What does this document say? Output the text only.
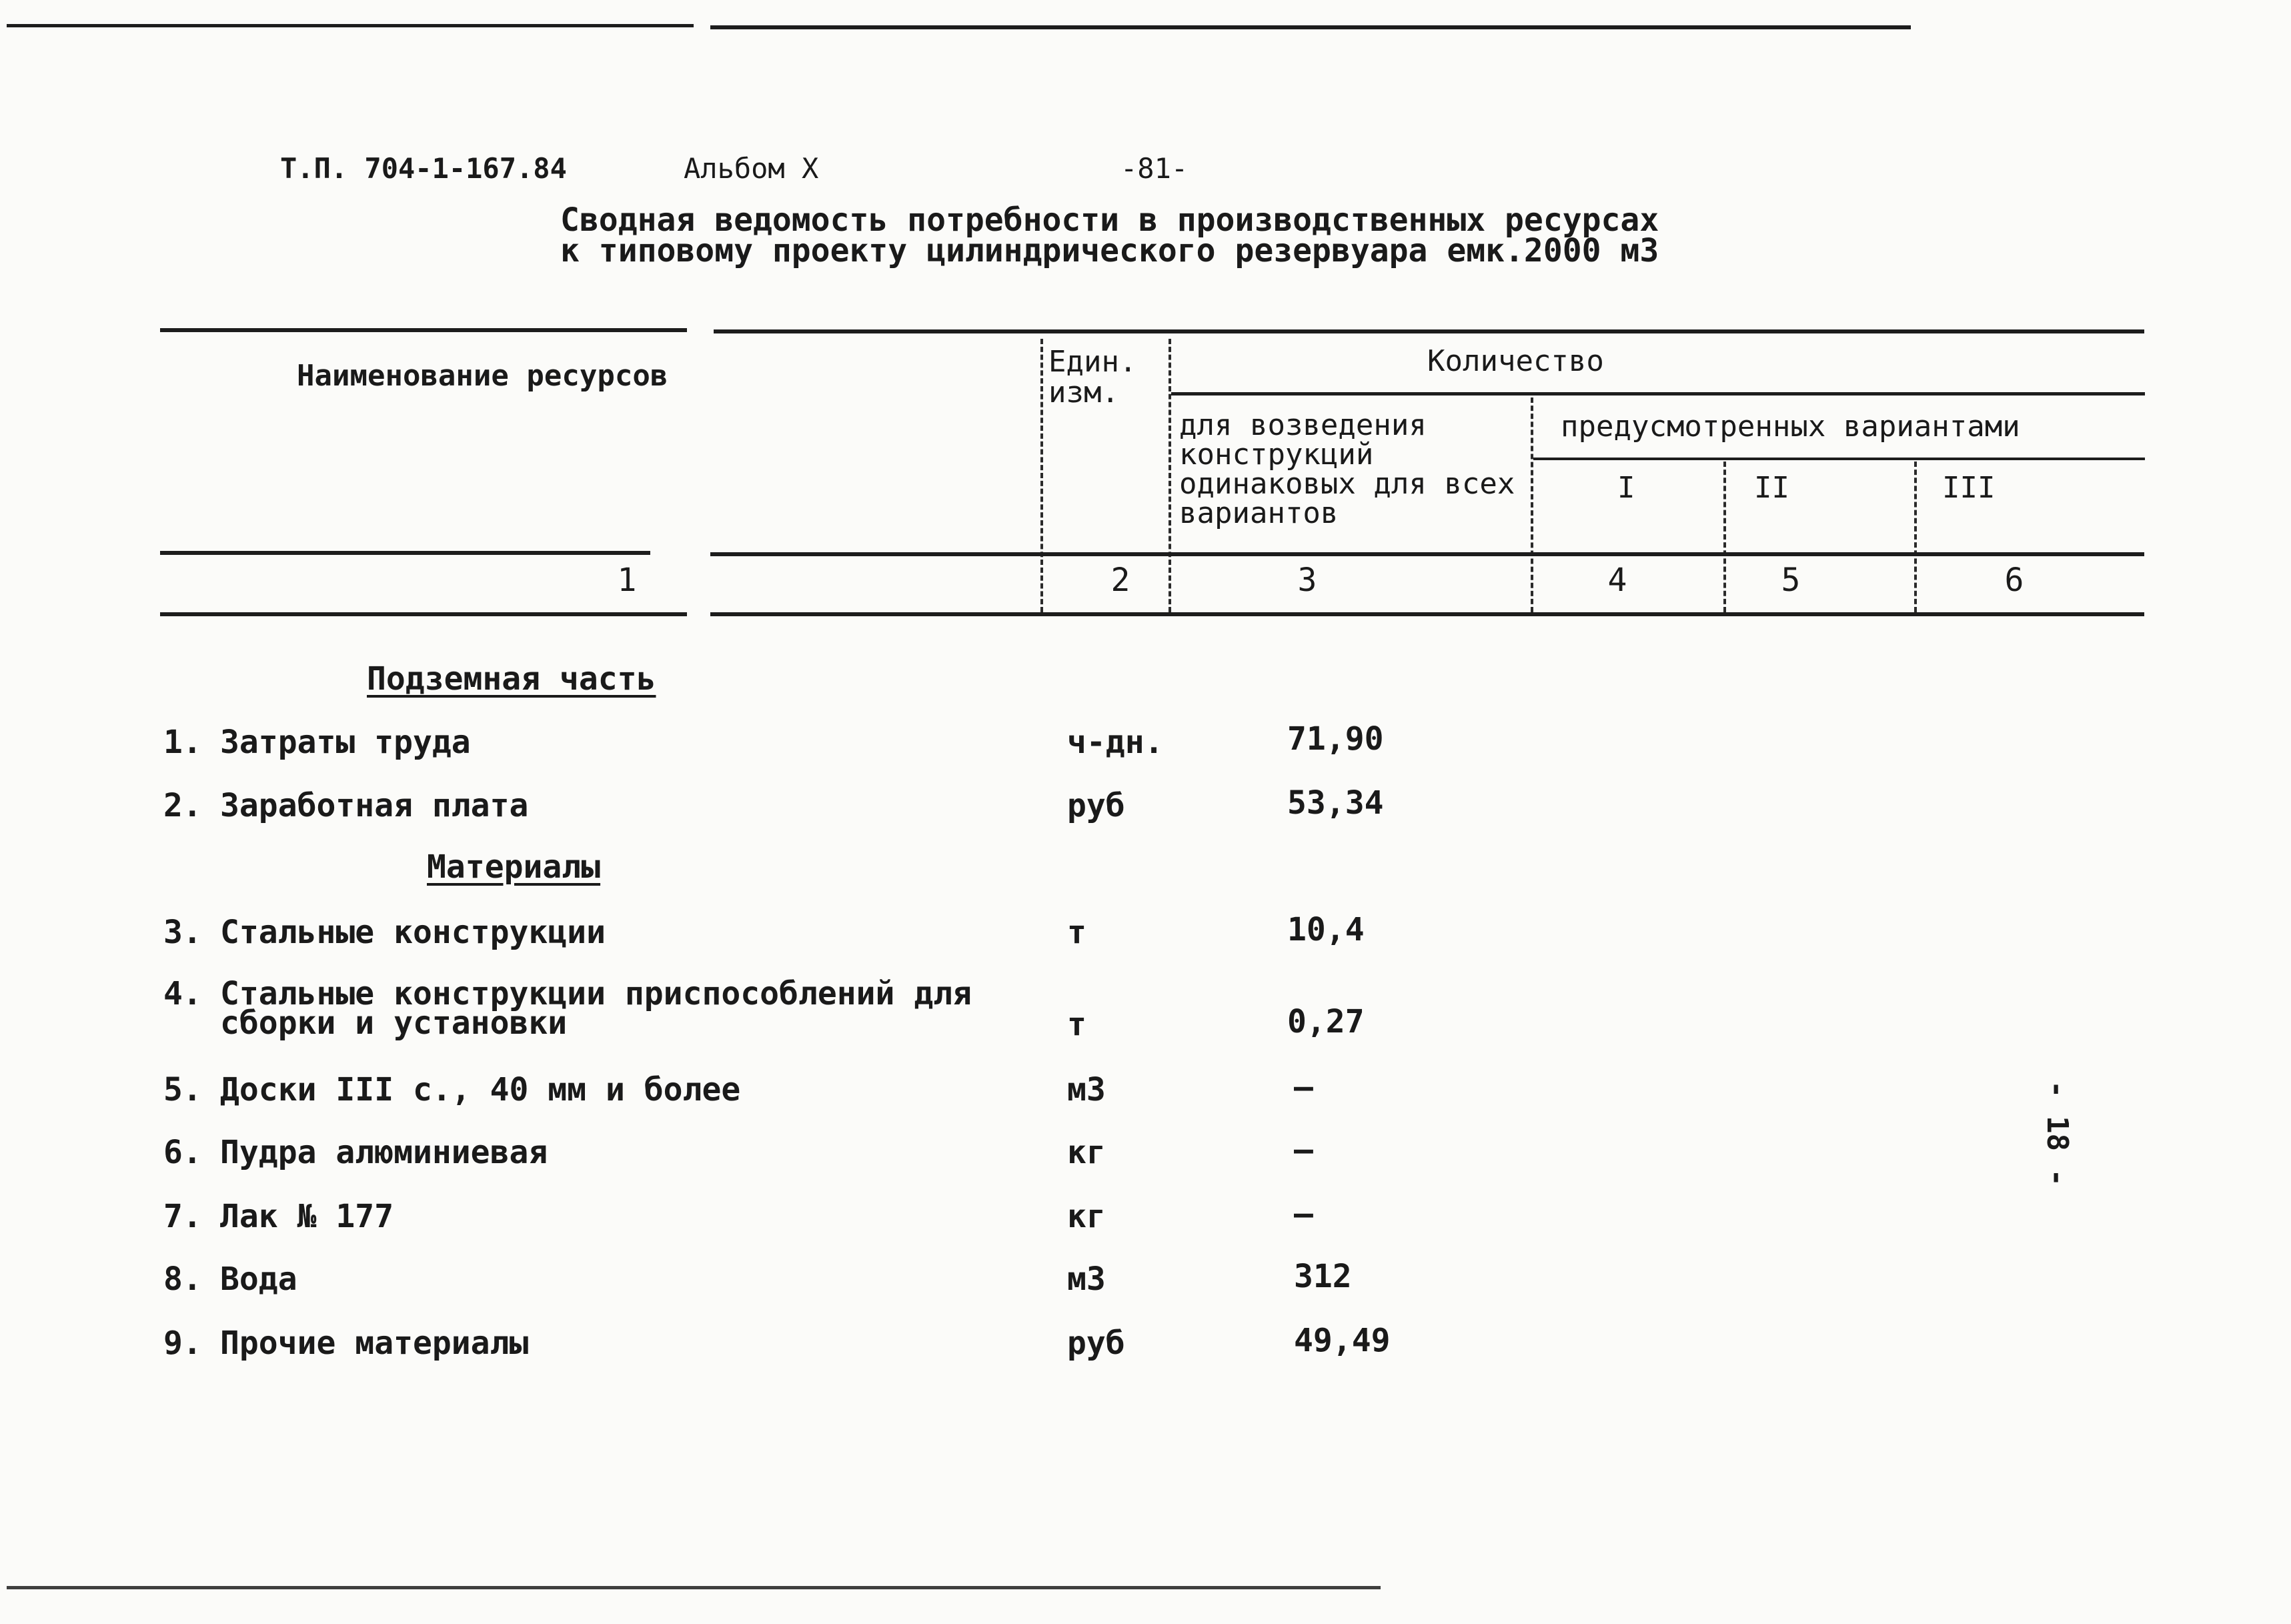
Т.П. 704-1-167.84	Альбом X	-81-
Сводная ведомость потребности в производственных ресурсах
к типовому проекту цилиндрического резервуара емк.2000 м3
Наименование ресурсов	Един. изм.
Количество
для возведения конструкций одинаковых для всех вариантов
предусмотренных вариантами
I	II	III
1	2	3	4	5	6
Подземная часть
1. Затраты труда	ч-дн.	71,90
2. Заработная плата	руб	53,34
Материалы
3. Стальные конструкции	т	10,4
4. Стальные конструкции приспособлений для
сборки и установки	т	0,27
5. Доски III с., 40 мм и более	м3	–
6. Пудра алюминиевая	кг	–
7. Лак № 177	кг	–
8. Вода	м3	312
9. Прочие материалы	руб	49,49
- 18 -
